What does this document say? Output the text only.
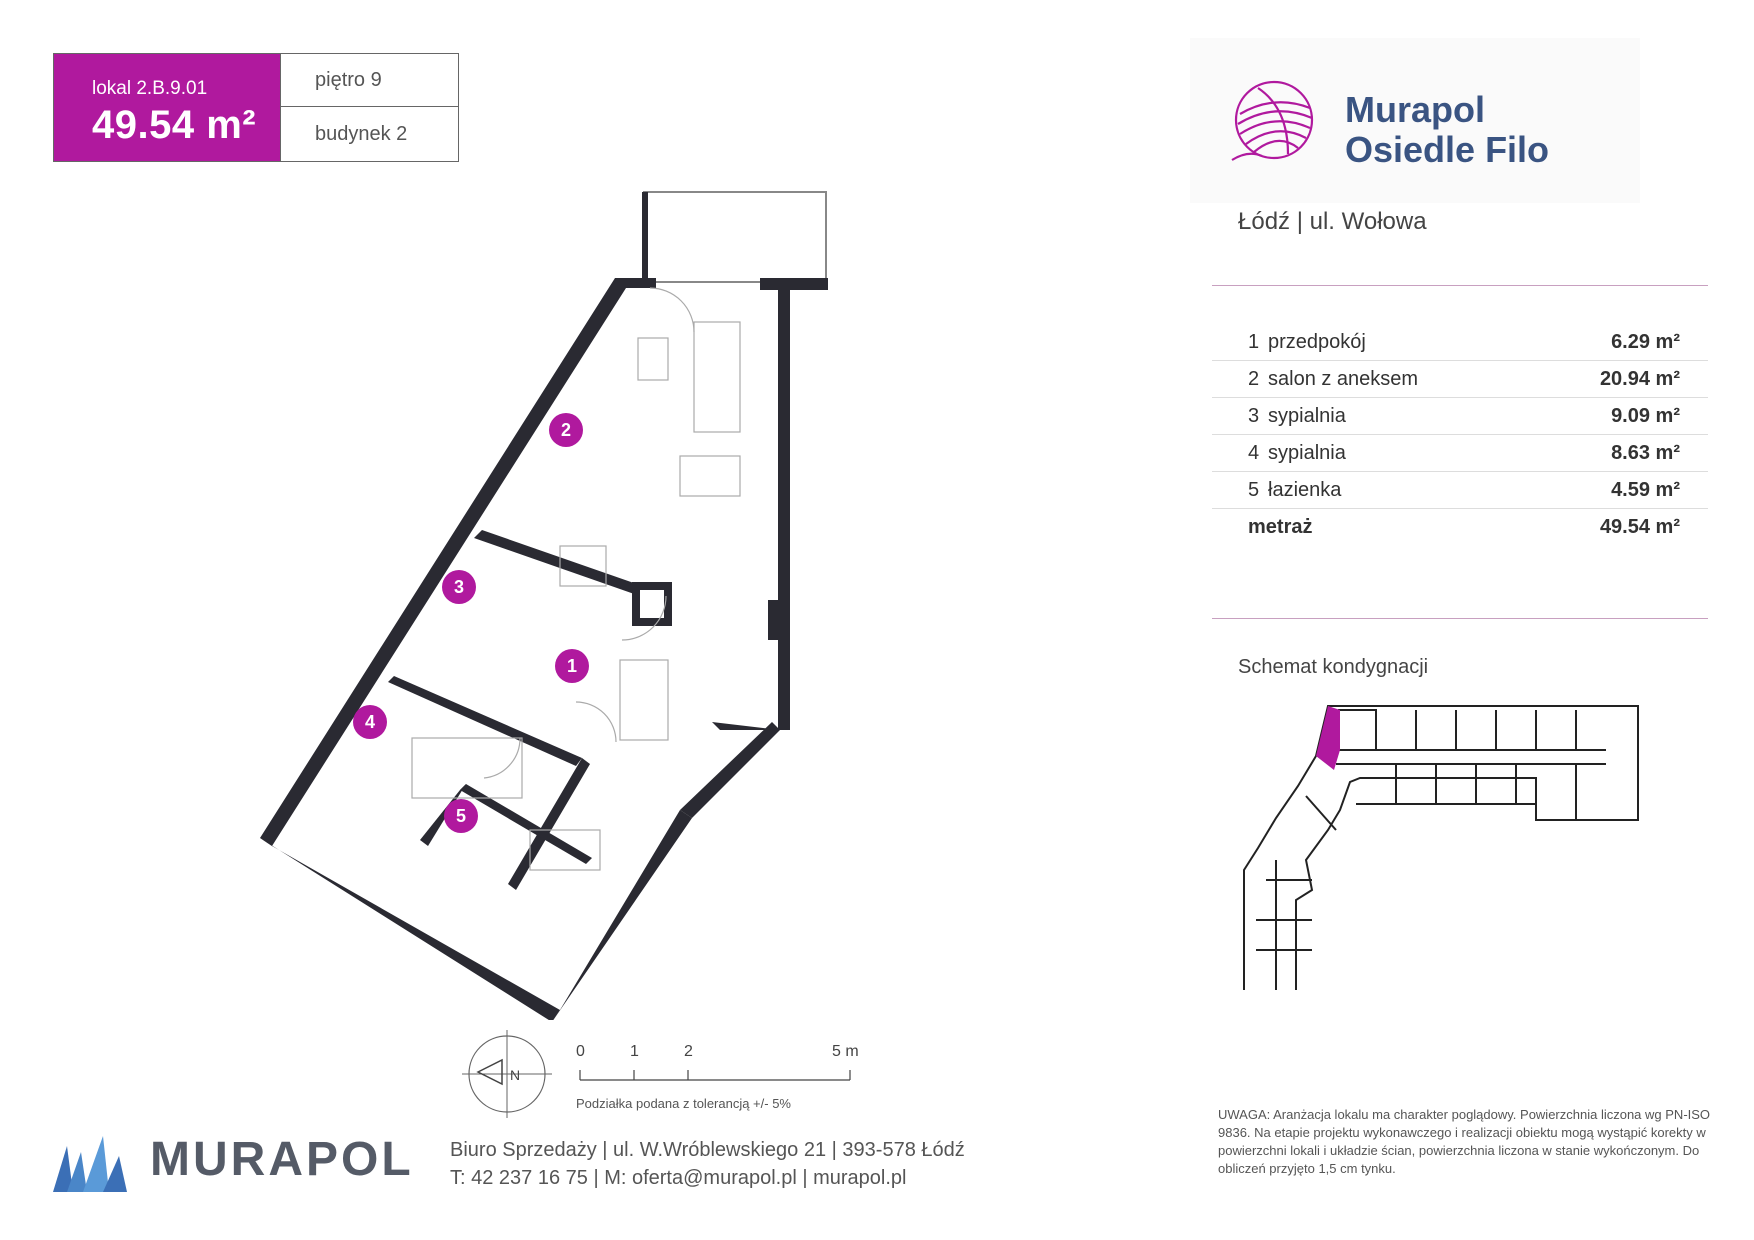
lokal 2.B.9.01
49.54 m²
piętro 9
budynek 2
Murapol
Osiedle Filo
Łódź | ul. Wołowa
1 przedpokój	6.29 m²
2 salon z aneksem	20.94 m²
3 sypialnia	9.09 m²
4 sypialnia	8.63 m²
5 łazienka	4.59 m²
metraż	49.54 m²
Schemat kondygnacji
2
3
1
4
5
N
0	1	2	5 m
Podziałka podana z tolerancją +/- 5%
UWAGA: Aranżacja lokalu ma charakter poglądowy. Powierzchnia liczona wg PN-ISO 9836. Na etapie projektu wykonawczego i realizacji obiektu mogą wystąpić korekty w powierzchni lokali i układzie ścian, powierzchnia liczona w stanie wykończonym. Do obliczeń przyjęto 1,5 cm tynku.
MURAPOL Biuro Sprzedaży | ul. W.Wróblewskiego 21 | 393-578 Łódź
T: 42 237 16 75 | M: oferta@murapol.pl | murapol.pl
